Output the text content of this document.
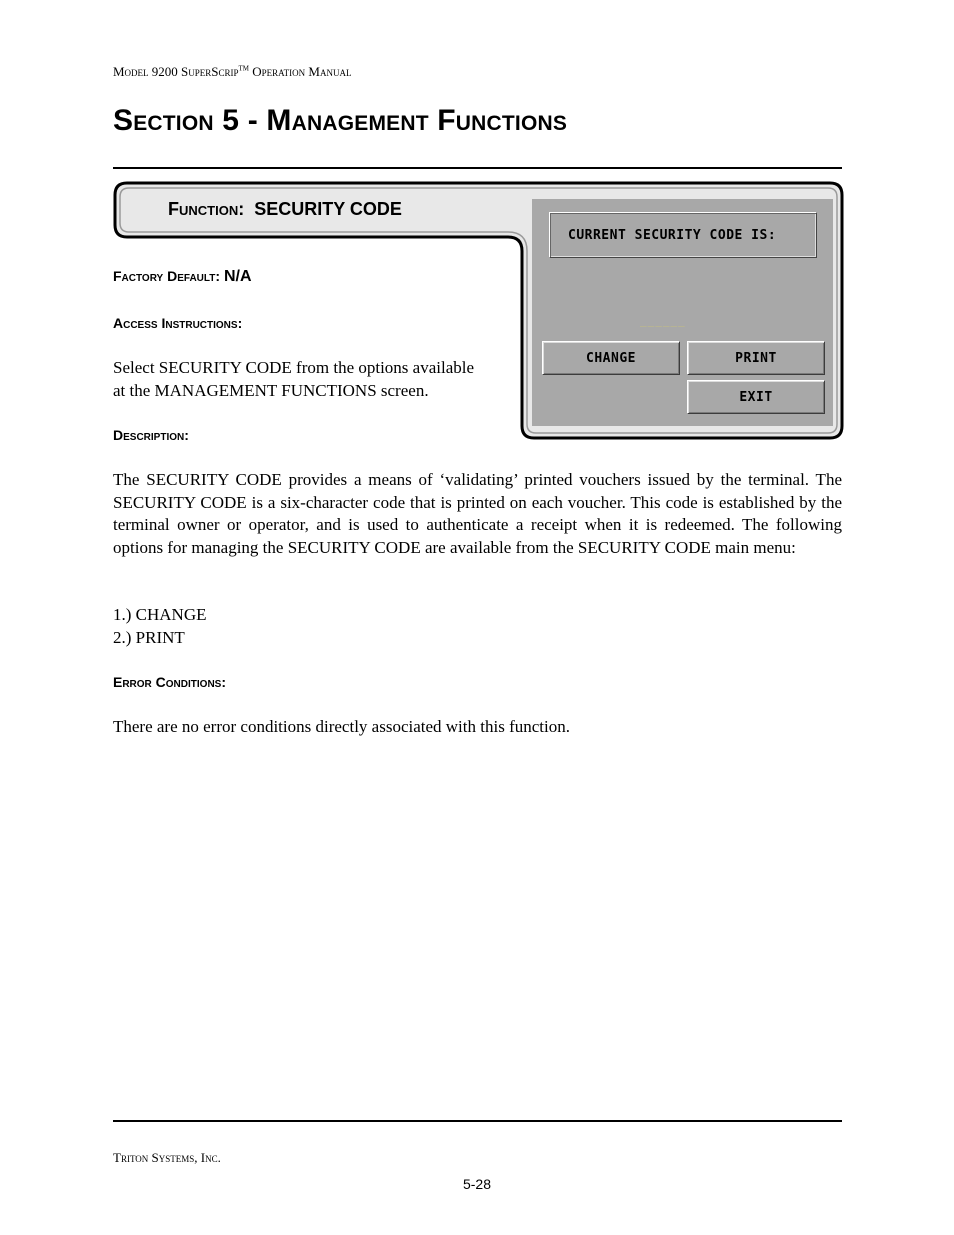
Model 9200 SuperScrip™ Operation Manual
Section 5 - Management Functions
Function:  SECURITY CODE
CURRENT SECURITY CODE IS:
______
CHANGE	PRINT
EXIT

Factory Default: N/A

Access Instructions:

Select SECURITY CODE from the options available
at the MANAGEMENT FUNCTIONS screen.

Description:

The SECURITY CODE provides a means of ‘validating’ printed vouchers issued by the terminal. The SECURITY CODE is a six-character code that is printed on each voucher. This code is established by the terminal owner or operator, and is used to authenticate a receipt when it is redeemed. The following options for managing the SECURITY CODE are available from the SECURITY CODE main menu:

1.) CHANGE
2.) PRINT

Error Conditions:

There are no error conditions directly associated with this function.

Triton Systems, Inc.
5-28
